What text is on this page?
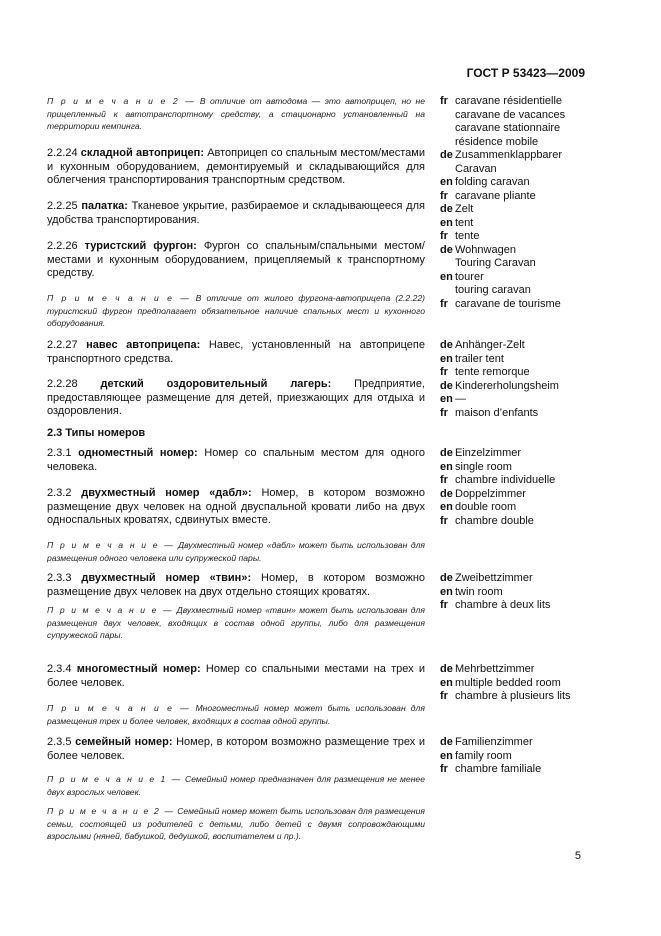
ГОСТ Р 53423—2009
П р и м е ч а н и е 2 — В отличие от автодома — это автоприцеп, но не прицепленный к автотранспортному средству, а стационарно установленный на территории кемпинга.
2.2.24 складной автоприцеп: Автоприцеп со спальным местом/местами и кухонным оборудованием, демонтируемый и складывающийся для облегчения транспортирования транспортным средством.
2.2.25 палатка: Тканевое укрытие, разбираемое и складывающееся для удобства транспортирования.
2.2.26 туристский фургон: Фургон со спальным/спальными местом/местами и кухонным оборудованием, прицепляемый к транспортному средству.
П р и м е ч а н и е — В отличие от жилого фургона-автоприцепа (2.2.22) туристский фургон предполагает обязательное наличие спальных мест и кухонного оборудования.
2.2.27 навес автоприцепа: Навес, установленный на автоприцепе транспортного средства.
2.2.28 детский оздоровительный лагерь: Предприятие, предоставляющее размещение для детей, приезжающих для отдыха и оздоровления.
2.3 Типы номеров
2.3.1 одноместный номер: Номер со спальным местом для одного человека.
2.3.2 двухместный номер «дабл»: Номер, в котором возможно размещение двух человек на одной двуспальной кровати либо на двух односпальных кроватях, сдвинутых вместе.
П р и м е ч а н и е — Двухместный номер «дабл» может быть использован для размещения одного человека или супружеской пары.
2.3.3 двухместный номер «твин»: Номер, в котором возможно размещение двух человек на двух отдельно стоящих кроватях.
П р и м е ч а н и е — Двухместный номер «твин» может быть использован для размещения двух человек, входящих в состав одной группы, либо для размещения супружеской пары.
2.3.4 многоместный номер: Номер со спальными местами на трех и более человек.
П р и м е ч а н и е — Многоместный номер может быть использован для размещения трех и более человек, входящих в состав одной группы.
2.3.5 семейный номер: Номер, в котором возможно размещение трех и более человек.
П р и м е ч а н и е 1 — Семейный номер предназначен для размещения не менее двух взрослых человек.
П р и м е ч а н и е 2 — Семейный номер может быть использован для размещения семьи, состоящей из родителей с детьми, либо детей с двумя сопровождающими взрослыми (няней, бабушкой, дедушкой, воспитателем и пр.).
fr caravane résidentielle
caravane de vacances
caravane stationnaire
résidence mobile
de Zusammenklappbarer
Caravan
en folding caravan
fr caravane pliante
de Zelt
en tent
fr tente
de Wohnwagen
Touring Caravan
en tourer
touring caravan
fr caravane de tourisme
de Anhänger-Zelt
en trailer tent
fr tente remorque
de Kindererholungsheim
en —
fr maison d’enfants
de Einzelzimmer
en single room
fr chambre individuelle
de Doppelzimmer
en double room
fr chambre double
de Zweibettzimmer
en twin room
fr chambre à deux lits
de Mehrbettzimmer
en multiple bedded room
fr chambre à plusieurs lits
de Familienzimmer
en family room
fr chambre familiale
5
